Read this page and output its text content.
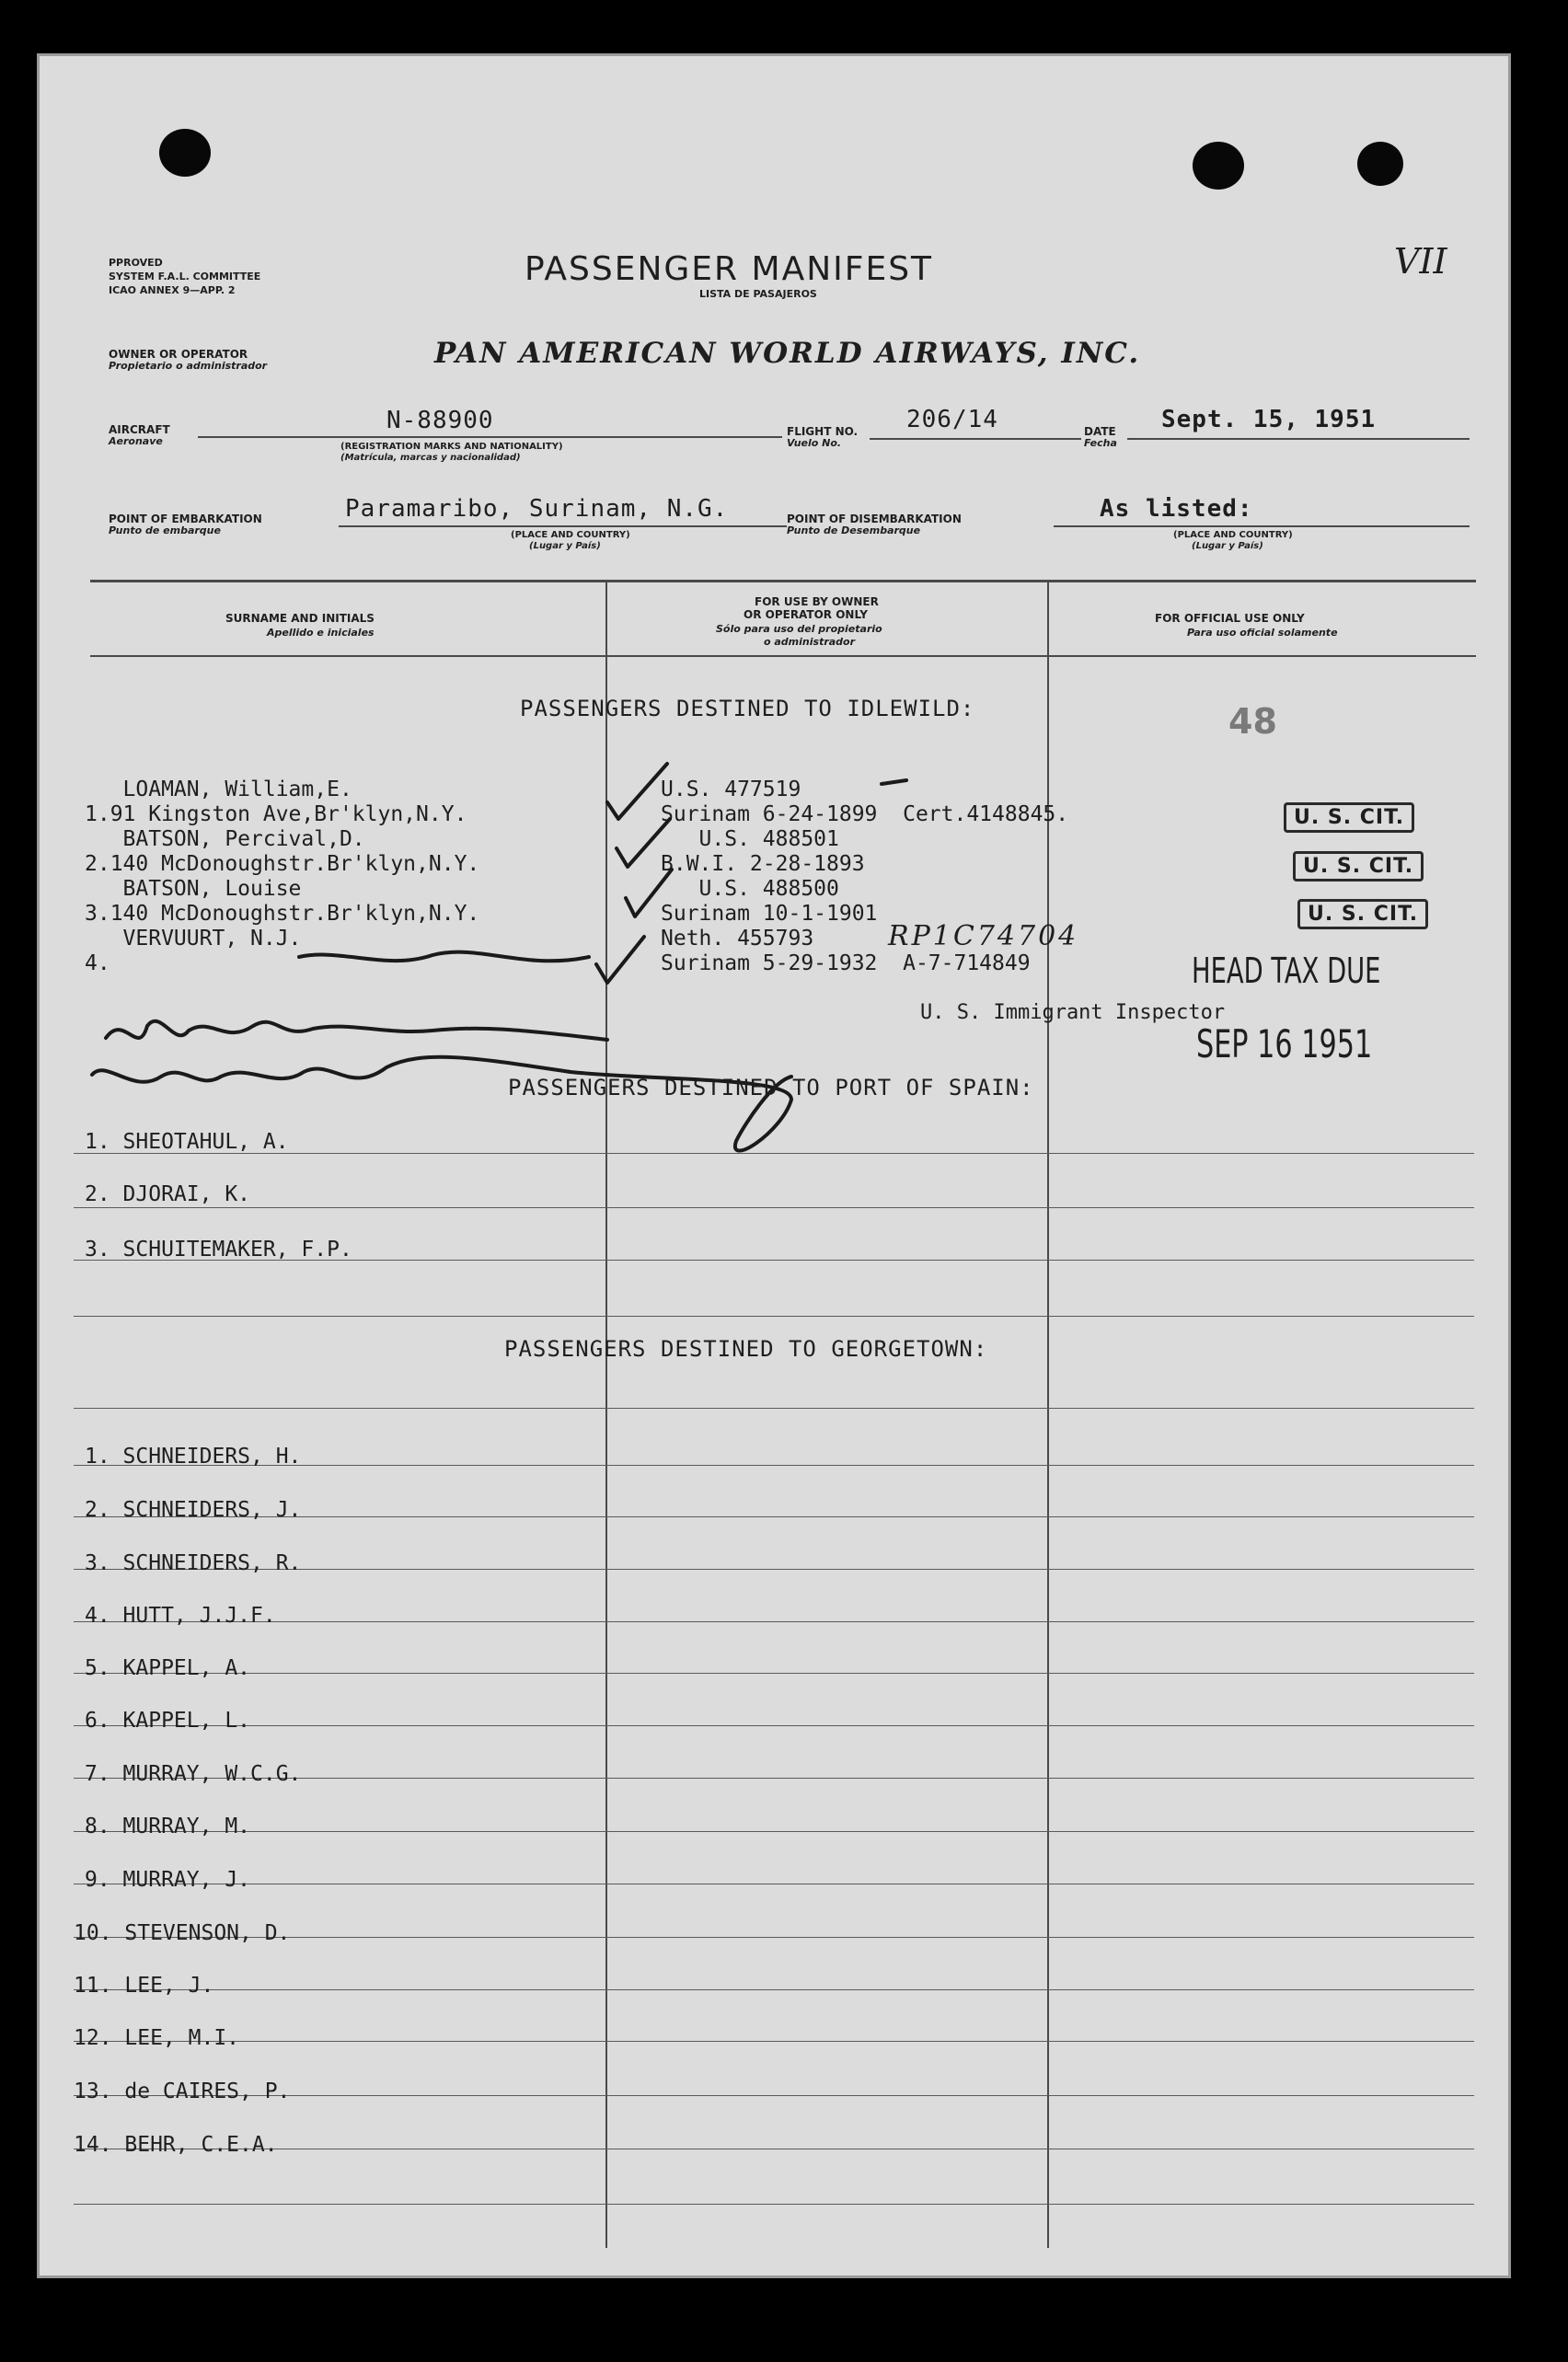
VII
PPROVED
SYSTEM F.A.L. COMMITTEE
ICAO ANNEX 9—APP. 2
PASSENGER MANIFEST
LISTA DE PASAJEROS
OWNER OR OPERATOR
Propietario o administrador	PAN AMERICAN WORLD AIRWAYS, INC.
AIRCRAFT
Aeronave
N-88900
(REGISTRATION MARKS AND NATIONALITY)
(Matrícula, marcas y nacionalidad)
FLIGHT NO.
Vuelo No.
206/14	DATE
Fecha
Sept. 15, 1951
POINT OF EMBARKATION
Punto de embarque
Paramaribo, Surinam, N.G.
(PLACE AND COUNTRY)
(Lugar y País)
POINT OF DISEMBARKATION
Punto de Desembarque
As listed:
(PLACE AND COUNTRY)
(Lugar y País)
SURNAME AND INITIALS
Apellido e iniciales
FOR USE BY OWNER
OR OPERATOR ONLY
Sólo para uso del propietario
o administrador
FOR OFFICIAL USE ONLY
Para uso oficial solamente
PASSENGERS DESTINED TO IDLEWILD:	48
LOAMAN, William,E.	U.S. 477519
1.91 Kingston Ave,Br'klyn,N.Y.	Surinam 6-24-1899  Cert.4148845.
BATSON, Percival,D.	U.S. 488501
2.140 McDonoughstr.Br'klyn,N.Y.	B.W.I. 2-28-1893
BATSON, Louise	U.S. 488500
3.140 McDonoughstr.Br'klyn,N.Y.	Surinam 10-1-1901
VERVUURT, N.J.	Neth. 455793
4.	Surinam 5-29-1932  A-7-714849
RP1C74704
U. S. CIT.
U. S. CIT.
U. S. CIT.
HEAD TAX DUE
U. S. Immigrant Inspector
SEP 16 1951
PASSENGERS DESTINED TO PORT OF SPAIN:
1. SHEOTAHUL, A.
2. DJORAI, K.
3. SCHUITEMAKER, F.P.
PASSENGERS DESTINED TO GEORGETOWN:
1. SCHNEIDERS, H.
2. SCHNEIDERS, J.
3. SCHNEIDERS, R.
4. HUTT, J.J.F.
5. KAPPEL, A.
6. KAPPEL, L.
7. MURRAY, W.C.G.
8. MURRAY, M.
9. MURRAY, J.
10. STEVENSON, D.
11. LEE, J.
12. LEE, M.I.
13. de CAIRES, P.
14. BEHR, C.E.A.
